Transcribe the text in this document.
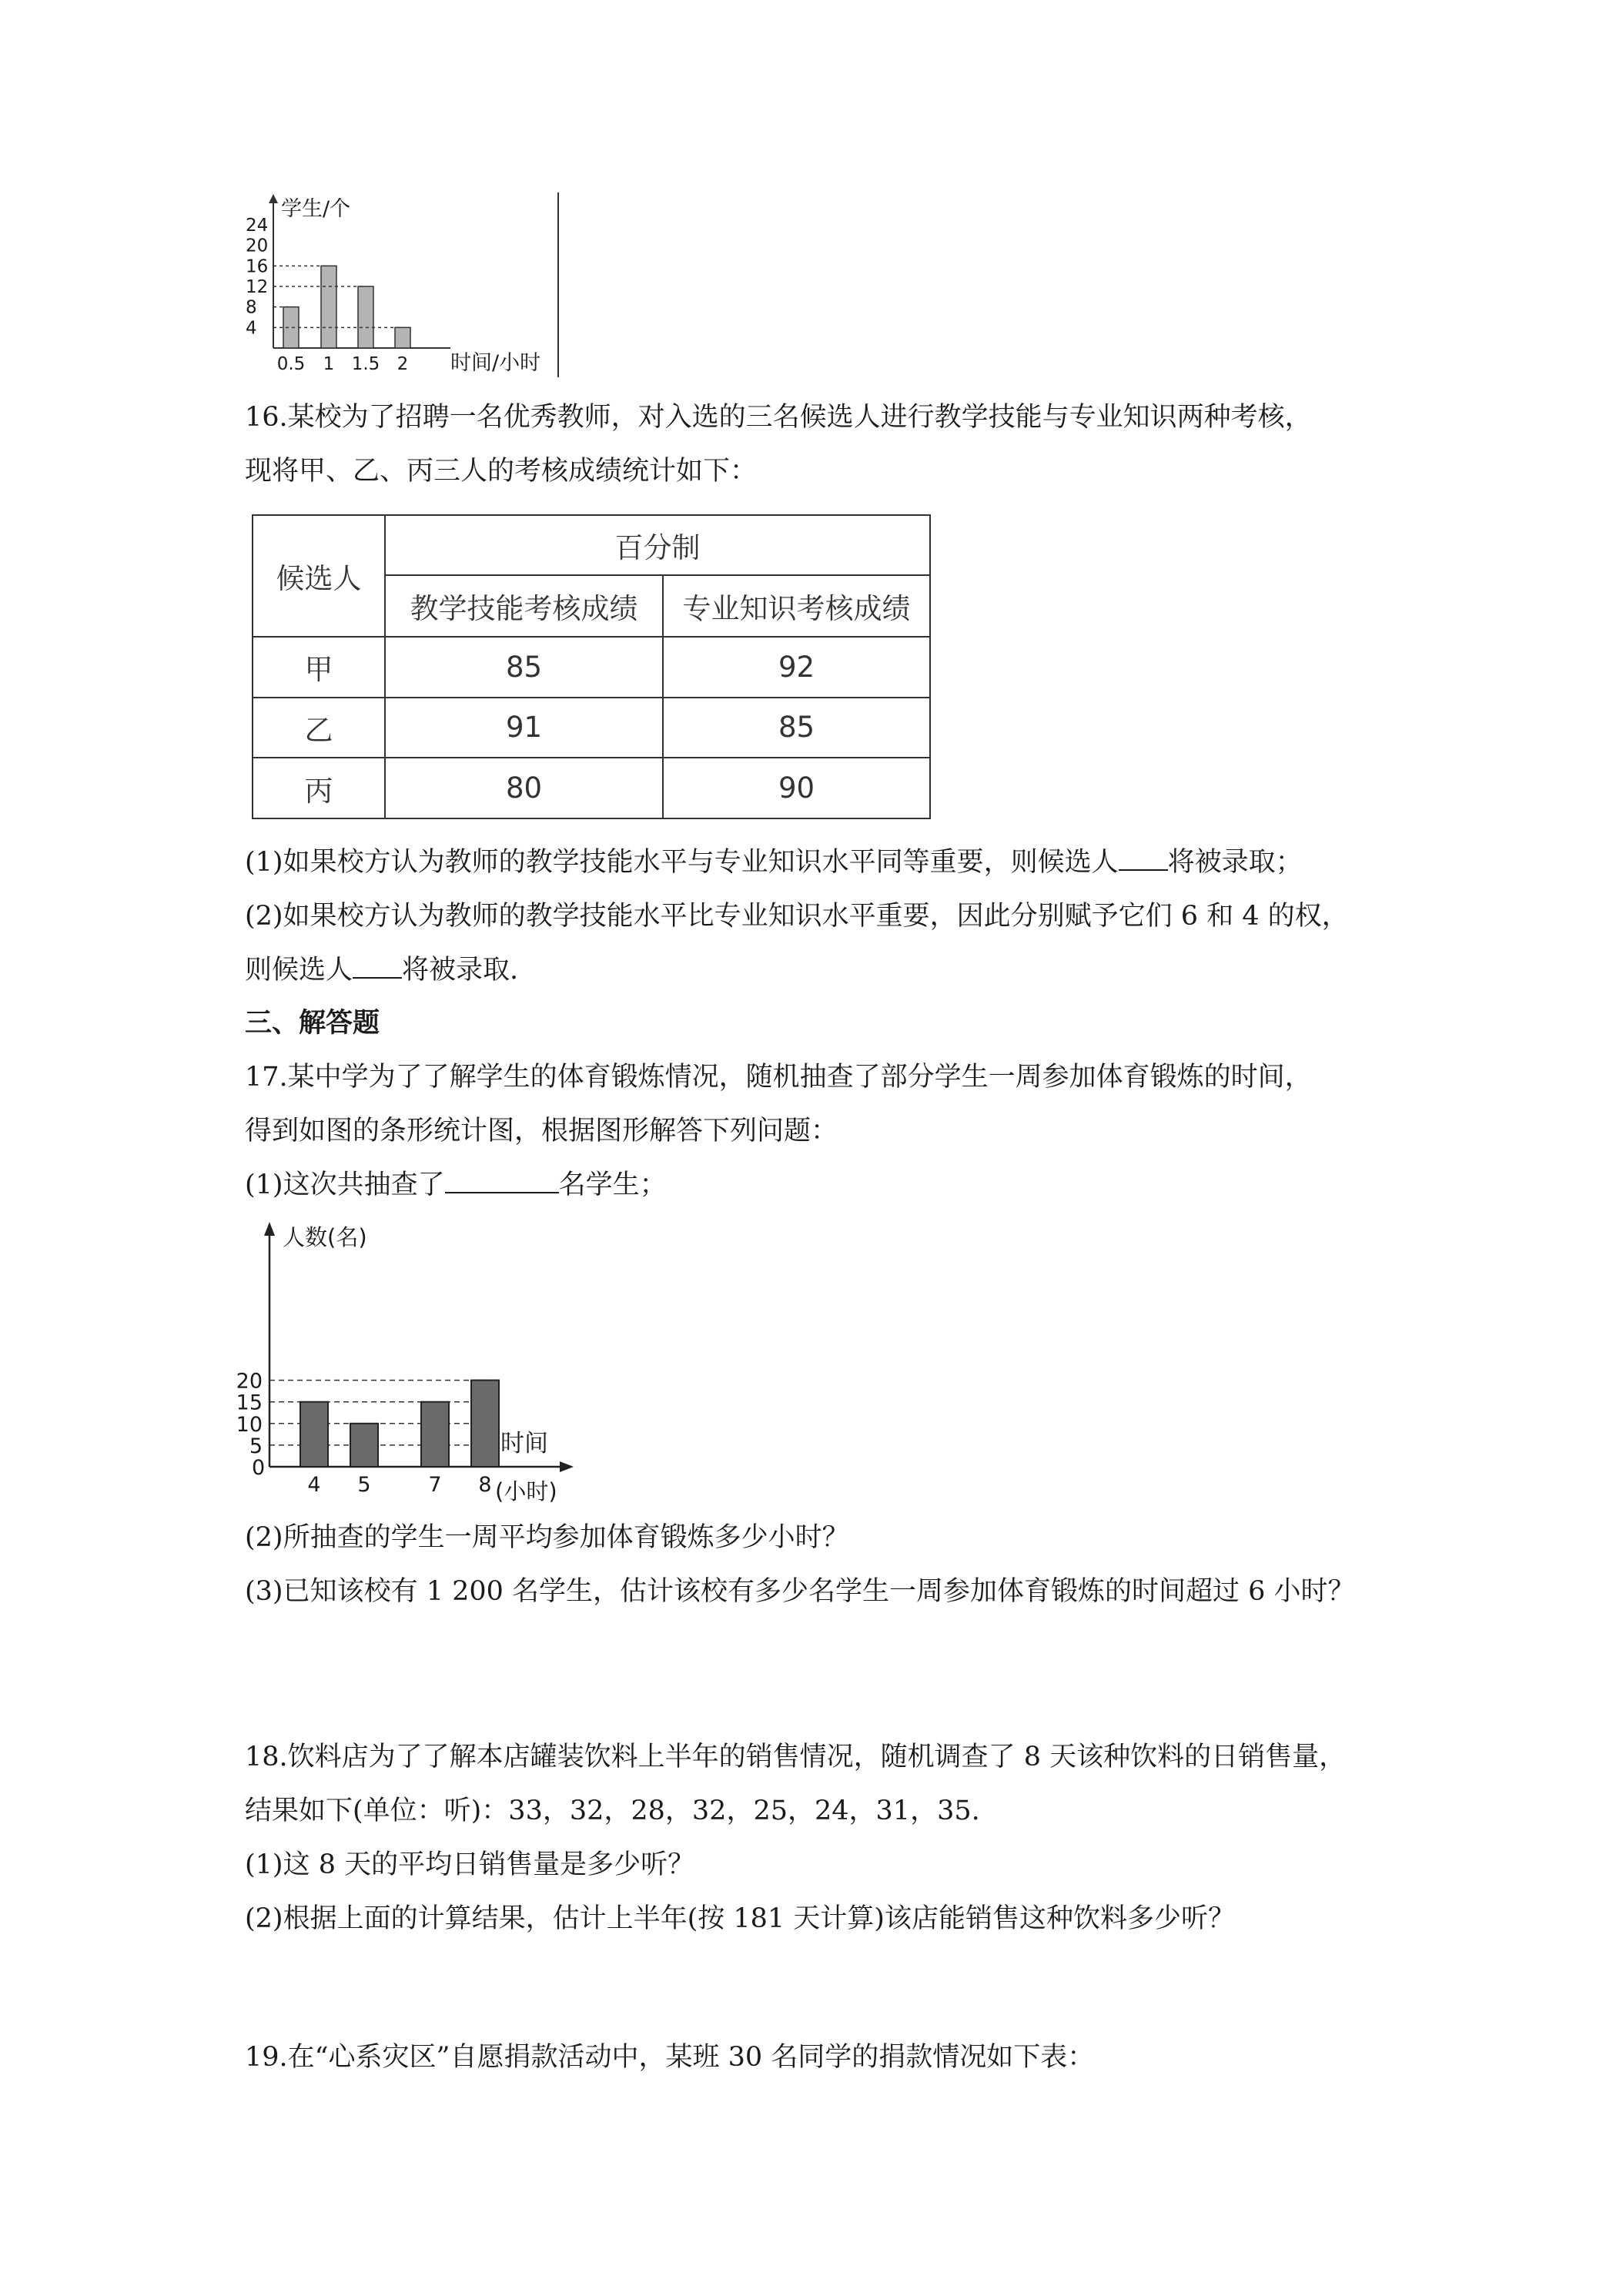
学生/个
时间/小时
24
20
16
12
8
4
0.5 1 1.5 2
16.某校为了招聘一名优秀教师，对入选的三名候选人进行教学技能与专业知识两种考核，
现将甲、乙、丙三人的考核成绩统计如下：
候选人	百分制	
	教学技能考核成绩	专业知识考核成绩
甲	85	92
乙	91	85
丙	80	90
(1)如果校方认为教师的教学技能水平与专业知识水平同等重要，则候选人 将被录取；
(2)如果校方认为教师的教学技能水平比专业知识水平重要，因此分别赋予它们 6 和 4 的权，
则候选人 将被录取.
三、解答题
17.某中学为了了解学生的体育锻炼情况，随机抽查了部分学生一周参加体育锻炼的时间，
得到如图的条形统计图，根据图形解答下列问题：
(1)这次共抽查了	名学生；
人数(名)
时间
(小时)
0
20
15
10
5
4 5	7 8
(2)所抽查的学生一周平均参加体育锻炼多少小时？
(3)已知该校有 1 200 名学生，估计该校有多少名学生一周参加体育锻炼的时间超过 6 小时？
18.饮料店为了了解本店罐装饮料上半年的销售情况，随机调查了 8 天该种饮料的日销售量，
结果如下(单位：听)：33，32，28，32，25，24，31，35.
(1)这 8 天的平均日销售量是多少听？
(2)根据上面的计算结果，估计上半年(按 181 天计算)该店能销售这种饮料多少听？
19.在“心系灾区”自愿捐款活动中，某班 30 名同学的捐款情况如下表：
